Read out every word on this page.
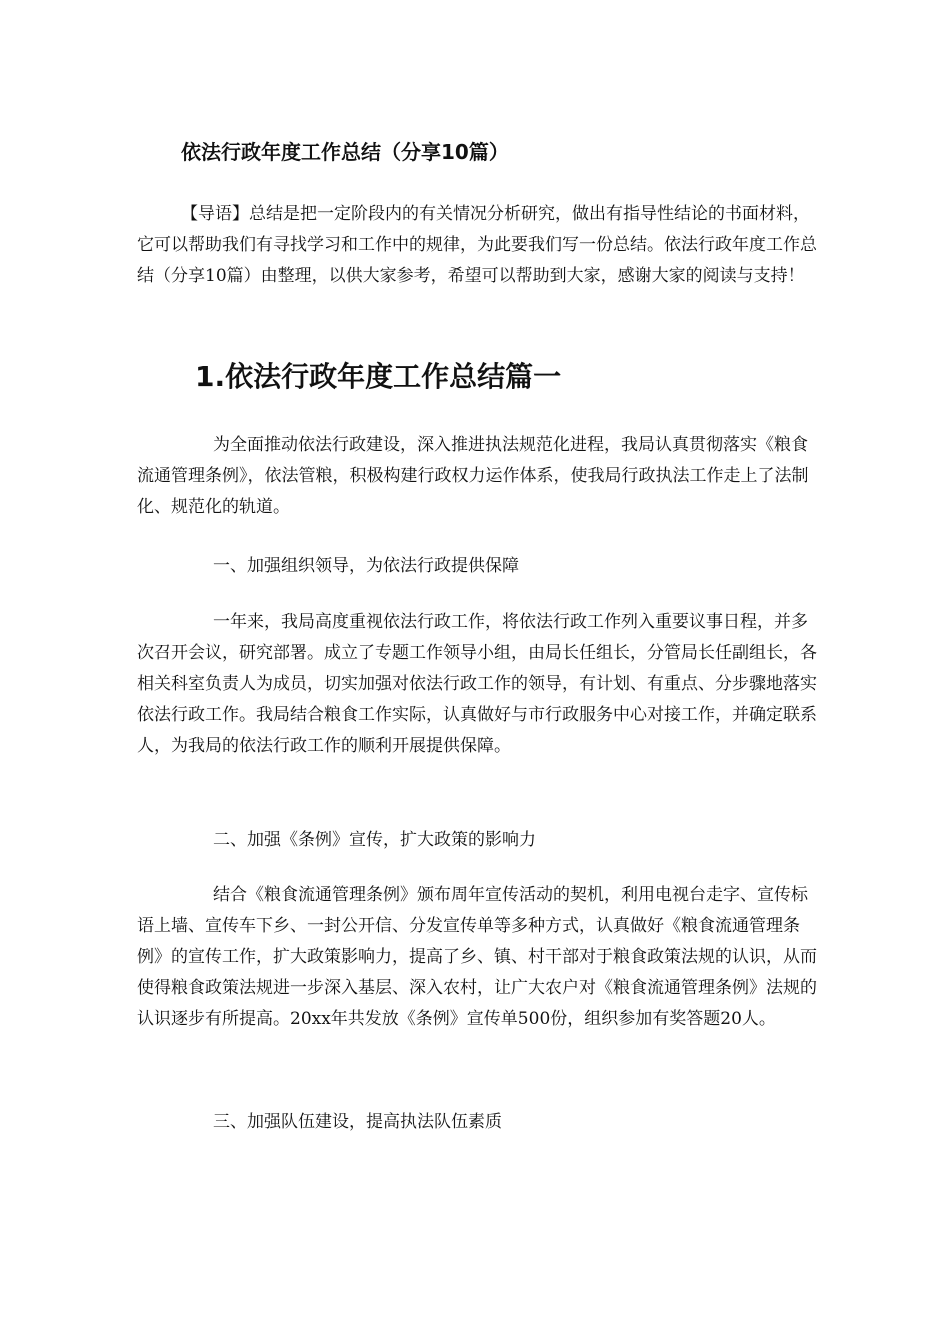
依法行政年度工作总结（分享10篇）

【导语】总结是把一定阶段内的有关情况分析研究，做出有指导性结论的书面材料，它可以帮助我们有寻找学习和工作中的规律，为此要我们写一份总结。依法行政年度工作总结（分享10篇）由整理，以供大家参考，希望可以帮助到大家，感谢大家的阅读与支持！

1.依法行政年度工作总结篇一

为全面推动依法行政建设，深入推进执法规范化进程，我局认真贯彻落实《粮食流通管理条例》，依法管粮，积极构建行政权力运作体系，使我局行政执法工作走上了法制化、规范化的轨道。

一、加强组织领导，为依法行政提供保障

一年来，我局高度重视依法行政工作，将依法行政工作列入重要议事日程，并多次召开会议，研究部署。成立了专题工作领导小组，由局长任组长，分管局长任副组长，各相关科室负责人为成员，切实加强对依法行政工作的领导，有计划、有重点、分步骤地落实依法行政工作。我局结合粮食工作实际，认真做好与市行政服务中心对接工作，并确定联系人，为我局的依法行政工作的顺利开展提供保障。

二、加强《条例》宣传，扩大政策的影响力

结合《粮食流通管理条例》颁布周年宣传活动的契机，利用电视台走字、宣传标语上墙、宣传车下乡、一封公开信、分发宣传单等多种方式，认真做好《粮食流通管理条例》的宣传工作，扩大政策影响力，提高了乡、镇、村干部对于粮食政策法规的认识，从而使得粮食政策法规进一步深入基层、深入农村，让广大农户对《粮食流通管理条例》法规的认识逐步有所提高。20xx年共发放《条例》宣传单500份，组织参加有奖答题20人。

三、加强队伍建设，提高执法队伍素质
